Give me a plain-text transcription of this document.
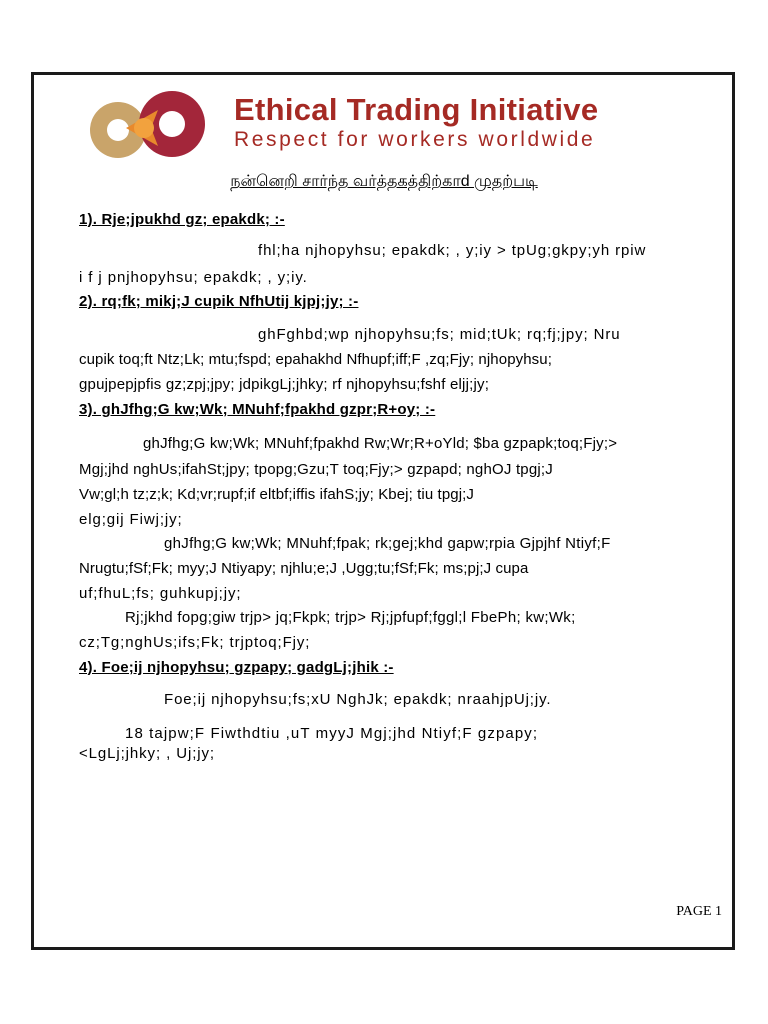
Ethical Trading Initiative
Respect for workers worldwide
நன்னெறி சார்ந்த வர்த்தகத்திற்காd முதற்படி
1). Rje;jpukhd gz; epakdk; :-
fhl;ha njhopyhsu; epakdk; , y;iy > tpUg;gkpy;yh rpiw
i f j pnjhopyhsu; epakdk; , y;iy.
2). rq;fk; mikj;J cupik NfhUtij kjpj;jy; :-
ghFghbd;wp njhopyhsu;fs; mid;tUk; rq;fj;jpy; Nru
cupik toq;ft Ntz;Lk; mtu;fspd; epahakhd Nfhupf;iff;F ,zq;Fjy; njhopyhsu;
gpujpepjpfis gz;zpj;jpy; jdpikgLj;jhky; rf njhopyhsu;fshf eljj;jy;
3). ghJfhg;G kw;Wk; MNuhf;fpakhd gzpr;R+oy; :-
ghJfhg;G kw;Wk; MNuhf;fpakhd Rw;Wr;R+oYld; $ba gzpapk;toq;Fjy;>
Mgj;jhd nghUs;ifahSt;jpy; tpopg;Gzu;T toq;Fjy;> gzpapd; nghOJ tpgj;J
Vw;gl;h tz;z;k; Kd;vr;rupf;if eltbf;iffis ifahS;jy; Kbej; tiu tpgj;J
elg;gij Fiwj;jy;
ghJfhg;G kw;Wk; MNuhf;fpak; rk;gej;khd gapw;rpia Gjpjhf Ntiyf;F
Nrugtu;fSf;Fk; myy;J Ntiyapy; njhlu;e;J ,Ugg;tu;fSf;Fk; ms;pj;J cupa
uf;fhuL;fs; guhkupj;jy;
Rj;jkhd fopg;giw trjp> jq;Fkpk; trjp> Rj;jpfupf;fggl;l FbePh; kw;Wk;
cz;Tg;nghUs;ifs;Fk; trjptoq;Fjy;
4). Foe;ij njhopyhsu; gzpapy; gadgLj;jhik :-
Foe;ij njhopyhsu;fs;xU NghJk; epakdk; nraahjpUj;jy.
18 tajpw;F Fiwthdtiu ,uT myyJ Mgj;jhd Ntiyf;F gzpapy;
<LgLj;jhky; , Uj;jy;
PAGE 1
